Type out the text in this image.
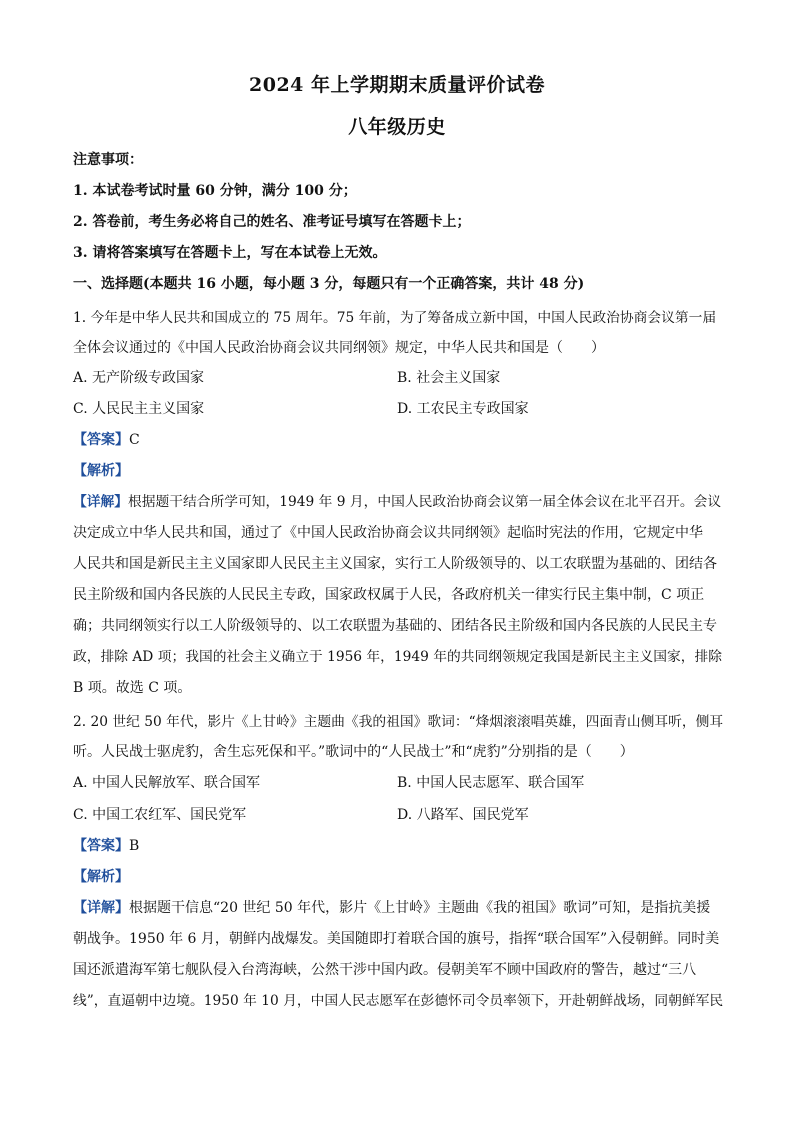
2024 年上学期期末质量评价试卷
八年级历史
注意事项：
1. 本试卷考试时量 60 分钟，满分 100 分；
2. 答卷前，考生务必将自己的姓名、准考证号填写在答题卡上；
3. 请将答案填写在答题卡上，写在本试卷上无效。
一、选择题(本题共 16 小题，每小题 3 分，每题只有一个正确答案，共计 48 分)
1. 今年是中华人民共和国成立的 75 周年。75 年前，为了筹备成立新中国，中国人民政治协商会议第一届
全体会议通过的《中国人民政治协商会议共同纲领》规定，中华人民共和国是（　　）
A. 无产阶级专政国家	B. 社会主义国家
C. 人民民主主义国家	D. 工农民主专政国家
【答案】C
【解析】
【详解】根据题干结合所学可知，1949 年 9 月，中国人民政治协商会议第一届全体会议在北平召开。会议
决定成立中华人民共和国，通过了《中国人民政治协商会议共同纲领》起临时宪法的作用，它规定中华
人民共和国是新民主主义国家即人民民主主义国家，实行工人阶级领导的、以工农联盟为基础的、团结各
民主阶级和国内各民族的人民民主专政，国家政权属于人民，各政府机关一律实行民主集中制，C 项正
确；共同纲领实行以工人阶级领导的、以工农联盟为基础的、团结各民主阶级和国内各民族的人民民主专
政，排除 AD 项；我国的社会主义确立于 1956 年，1949 年的共同纲领规定我国是新民主主义国家，排除
B 项。故选 C 项。
2. 20 世纪 50 年代，影片《上甘岭》主题曲《我的祖国》歌词：“烽烟滚滚唱英雄，四面青山侧耳听，侧耳
听。人民战士驱虎豹，舍生忘死保和平。”歌词中的“人民战士”和“虎豹”分别指的是（　　）
A. 中国人民解放军、联合国军	B. 中国人民志愿军、联合国军
C. 中国工农红军、国民党军	D. 八路军、国民党军
【答案】B
【解析】
【详解】根据题干信息“20 世纪 50 年代，影片《上甘岭》主题曲《我的祖国》歌词”可知，是指抗美援
朝战争。1950 年 6 月，朝鲜内战爆发。美国随即打着联合国的旗号，指挥“联合国军”入侵朝鲜。同时美
国还派遣海军第七舰队侵入台湾海峡，公然干涉中国内政。侵朝美军不顾中国政府的警告，越过“三八
线”，直逼朝中边境。1950 年 10 月，中国人民志愿军在彭德怀司令员率领下，开赴朝鲜战场，同朝鲜军民
